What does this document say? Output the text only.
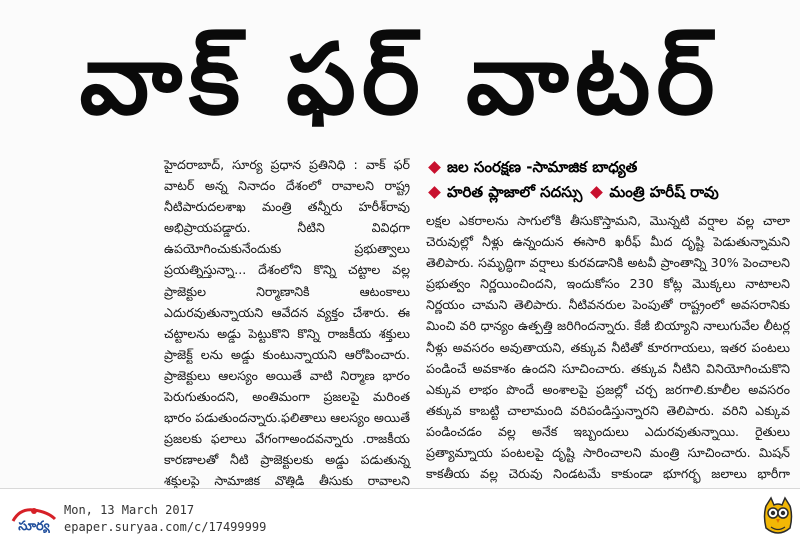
వాక్ ఫర్ వాటర్
జల సంరక్షణ -సామాజిక బాధ్యత
హరిత ప్లాజాలో సదస్సు మంత్రి హరీష్ రావు

హైదరాబాద్, సూర్య ప్రధాన ప్రతినిధి : వాక్ ఫర్ వాటర్ అన్న నినాదం దేశంలో రావాలని రాష్ట్ర నీటిపారుదలశాఖ మంత్రి తన్నీరు హరీశ్‌రావు అభిప్రాయపడ్డారు. నీటిని వివిధగా ఉపయోగించుకునేందుకు ప్రభుత్వాలు ప్రయత్నిస్తున్నా... దేశంలోని కొన్ని చట్టాల వల్ల ప్రాజెక్టుల నిర్మాణానికి ఆటంకాలు ఎదురవుతున్నాయని ఆవేదన వ్యక్తం చేశారు. ఈ చట్టాలను అడ్డు పెట్టుకొని కొన్ని రాజకీయ శక్తులు ప్రాజెక్ట్ లను అడ్డు కుంటున్నాయని ఆరోపించారు. ప్రాజెక్టులు ఆలస్యం అయితే వాటి నిర్మాణ భారం పెరుగుతుందని, అంతిమంగా ప్రజలపై మరింత భారం పడుతుందన్నారు.ఫలితాలు ఆలస్యం అయితే ప్రజలకు ఫలాలు వేగంగాఅందవన్నారు .రాజకీయ కారణాలతో నీటి ప్రాజెక్టులకు అడ్డు పడుతున్న శక్తులపై సామాజిక వొత్తిడి తీసుకు రావాలని

లక్షల ఎకరాలను సాగులోకి తీసుకొస్తామని, మొన్నటి వర్షాల వల్ల చాలా చెరువుల్లో నీళ్లు ఉన్నందున ఈసారి ఖరీఫ్ మీద దృష్టి పెడుతున్నామని తెలిపారు. సమృద్ధిగా వర్షాలు కురవడానికి అటవీ ప్రాంతాన్ని 30% పెంచాలని ప్రభుత్వం నిర్ణయించిందని, ఇందుకోసం 230 కోట్ల మొక్కలు నాటాలని నిర్ణయం చామని తెలిపారు. నీటివనరుల పెంపుతో రాష్ట్రంలో అవసరానికు మించి వరి ధాన్యం ఉత్పత్తి జరిగిందన్నారు. కేజీ బియ్యాని నాలుగువేల లీటర్ల నీళ్లు అవసరం అవుతాయని, తక్కువ నీటితో కూరగాయలు, ఇతర పంటలు పండించే అవకాశం ఉందని సూచించారు. తక్కువ నీటిని వినియోగించుకొని ఎక్కువ లాభం పొందే అంశాలపై ప్రజల్లో చర్చ జరగాలి.కూలీల అవసరం తక్కువ కాబట్టి చాలామంది వరిపండిస్తున్నారని తెలిపారు. వరిని ఎక్కువ పండించడం వల్ల అనేక ఇబ్బందులు ఎదురవుతున్నాయి. రైతులు ప్రత్యామ్నాయ పంటలపై దృష్టి సారించాలని మంత్రి సూచించారు. మిషన్ కాకతీయ వల్ల చెరువు నిండటమే కాకుండా భూగర్భ జలాలు భారీగా

సూర్య
Mon, 13 March 2017
epaper.suryaa.com/c/17499999
